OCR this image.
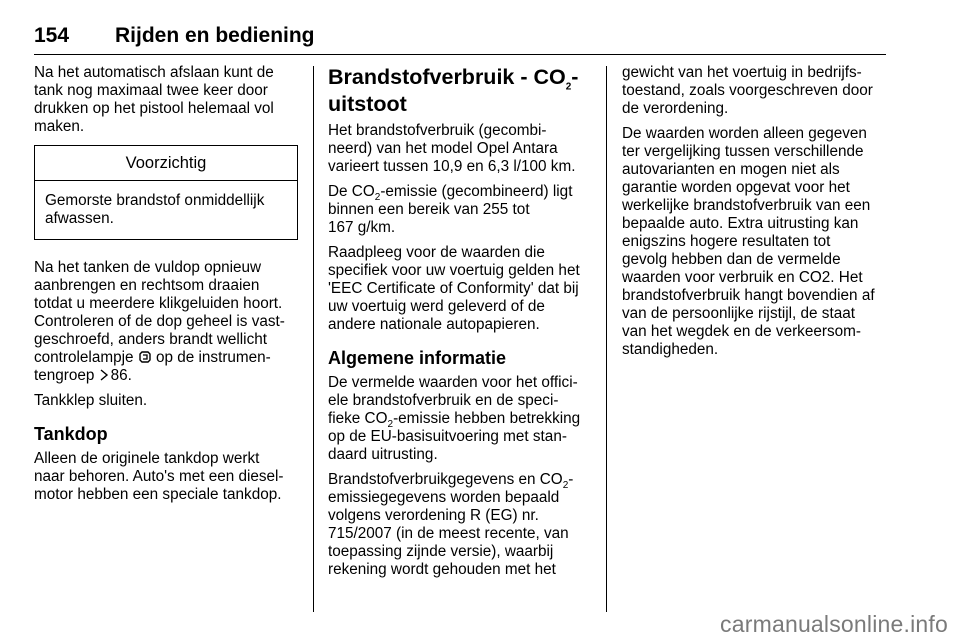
154 Rijden en bediening

Na het automatisch afslaan kunt de
tank nog maximaal twee keer door
drukken op het pistool helemaal vol
maken.

Voorzichtig
Gemorste brandstof onmiddellijk
afwassen.

Na het tanken de vuldop opnieuw
aanbrengen en rechtsom draaien
totdat u meerdere klikgeluiden hoort.
Controleren of de dop geheel is vast-
geschroefd, anders brandt wellicht
controlelampje  op de instrumen-
tengroep 86.

Tankklep sluiten.

Tankdop

Alleen de originele tankdop werkt
naar behoren. Auto's met een diesel-
motor hebben een speciale tankdop.

Brandstofverbruik - $CO_2-$
uitstoot

Het brandstofverbruik (gecombi-
neerd) van het model Opel Antara
varieert tussen 10,9 en 6,3 l/100 km.

De $CO_2$-emissie (gecombineerd) ligt
binnen een bereik van 255 tot
167 g/km.

Raadpleeg voor de waarden die
specifiek voor uw voertuig gelden het
'EEC Certificate of Conformity' dat bij
uw voertuig werd geleverd of de
andere nationale autopapieren.

Algemene informatie

De vermelde waarden voor het offici-
ele brandstofverbruik en de speci-
fieke $CO_2$-emissie hebben betrekking
op de EU-basisuitvoering met stan-
daard uitrusting.

Brandstofverbruikgegevens en $CO_2-$
emissiegegevens worden bepaald
volgens verordening R (EG) nr.
715/2007 (in de meest recente, van
toepassing zijnde versie), waarbij
rekening wordt gehouden met het

gewicht van het voertuig in bedrijfs-
toestand, zoals voorgeschreven door
de verordening.

De waarden worden alleen gegeven
ter vergelijking tussen verschillende
autovarianten en mogen niet als
garantie worden opgevat voor het
werkelijke brandstofverbruik van een
bepaalde auto. Extra uitrusting kan
enigszins hogere resultaten tot
gevolg hebben dan de vermelde
waarden voor verbruik en CO2. Het
brandstofverbruik hangt bovendien af
van de persoonlijke rijstijl, de staat
van het wegdek en de verkeersom-
standigheden.

carmanualsonline.info
